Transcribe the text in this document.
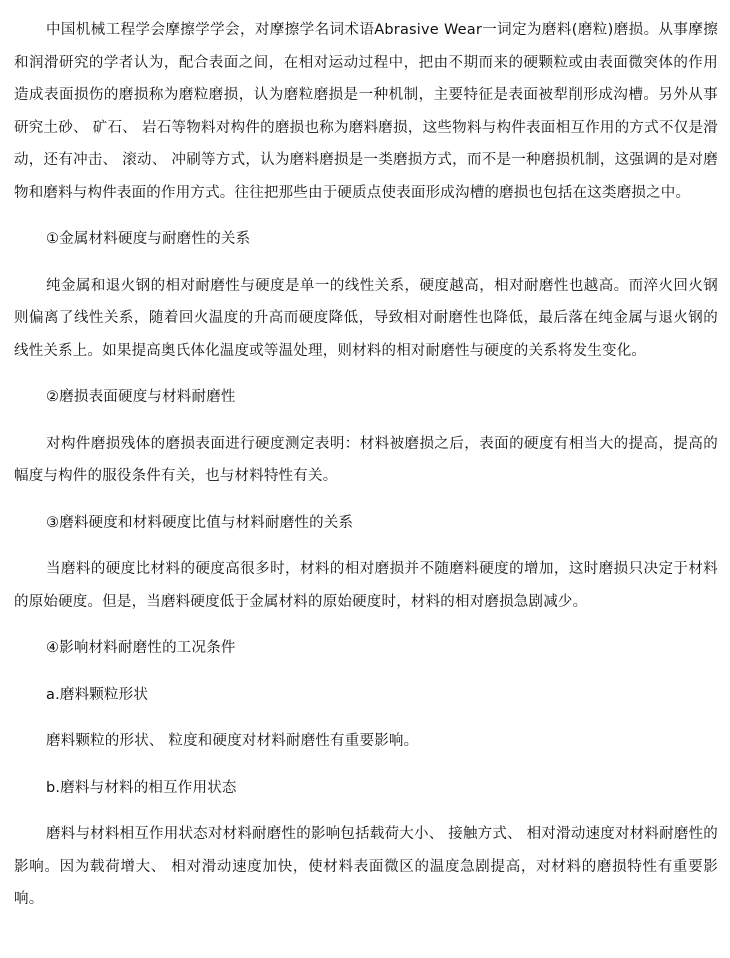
中国机械工程学会摩擦学学会，对摩擦学名词术语Abrasive Wear一词定为磨料(磨粒)磨损。从事摩擦和润滑研究的学者认为，配合表面之间，在相对运动过程中，把由不期而来的硬颗粒或由表面微突体的作用造成表面损伤的磨损称为磨粒磨损，认为磨粒磨损是一种机制，主要特征是表面被犁削形成沟槽。另外从事研究土砂、 矿石、 岩石等物料对构件的磨损也称为磨料磨损，这些物料与构件表面相互作用的方式不仅是滑动，还有冲击、 滚动、 冲刷等方式，认为磨料磨损是一类磨损方式，而不是一种磨损机制，这强调的是对磨物和磨料与构件表面的作用方式。往往把那些由于硬质点使表面形成沟槽的磨损也包括在这类磨损之中。

①金属材料硬度与耐磨性的关系

纯金属和退火钢的相对耐磨性与硬度是单一的线性关系，硬度越高，相对耐磨性也越高。而淬火回火钢则偏离了线性关系，随着回火温度的升高而硬度降低，导致相对耐磨性也降低，最后落在纯金属与退火钢的线性关系上。如果提高奥氏体化温度或等温处理，则材料的相对耐磨性与硬度的关系将发生变化。

②磨损表面硬度与材料耐磨性

对构件磨损残体的磨损表面进行硬度测定表明：材料被磨损之后，表面的硬度有相当大的提高，提高的幅度与构件的服役条件有关，也与材料特性有关。

③磨料硬度和材料硬度比值与材料耐磨性的关系

当磨料的硬度比材料的硬度高很多时，材料的相对磨损并不随磨料硬度的增加，这时磨损只决定于材料的原始硬度。但是，当磨料硬度低于金属材料的原始硬度时，材料的相对磨损急剧减少。

④影响材料耐磨性的工况条件

a.磨料颗粒形状

磨料颗粒的形状、 粒度和硬度对材料耐磨性有重要影响。

b.磨料与材料的相互作用状态

磨料与材料相互作用状态对材料耐磨性的影响包括载荷大小、 接触方式、 相对滑动速度对材料耐磨性的影响。因为载荷增大、 相对滑动速度加快，使材料表面微区的温度急剧提高，对材料的磨损特性有重要影响。
